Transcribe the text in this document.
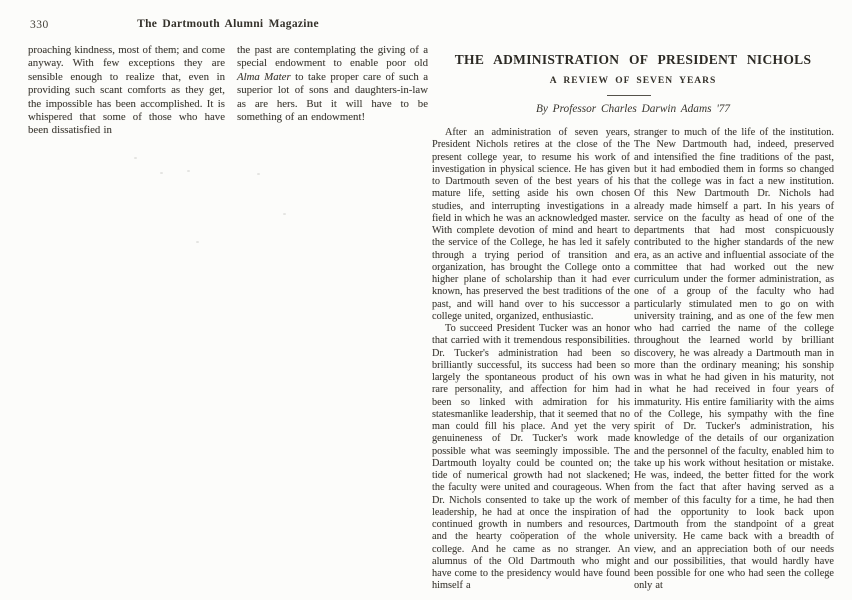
330	The Dartmouth Alumni Magazine
proaching kindness, most of them; and come anyway. With few exceptions they are sensible enough to realize that, even in providing such scant comforts as they get, the impossible has been accomplished. It is whispered that some of those who have been dissatisfied in
the past are contemplating the giving of a special endowment to enable poor old Alma Mater to take proper care of such a superior lot of sons and daughters-in-law as are hers. But it will have to be something of an endowment!
THE ADMINISTRATION OF PRESIDENT NICHOLS
A REVIEW OF SEVEN YEARS
By Professor Charles Darwin Adams '77
After an administration of seven years, President Nichols retires at the close of the present college year, to resume his work of investigation in physical science. He has given to Dartmouth seven of the best years of his mature life, setting aside his own chosen studies, and interrupting investigations in a field in which he was an acknowledged master. With complete devotion of mind and heart to the service of the College, he has led it safely through a trying period of transition and organization, has brought the College onto a higher plane of scholarship than it had ever known, has preserved the best traditions of the past, and will hand over to his successor a college united, organized, enthusiastic.
To succeed President Tucker was an honor that carried with it tremendous responsibilities. Dr. Tucker's administration had been so brilliantly successful, its success had been so largely the spontaneous product of his own rare personality, and affection for him had been so linked with admiration for his statesmanlike leadership, that it seemed that no man could fill his place. And yet the very genuineness of Dr. Tucker's work made possible what was seemingly impossible. The Dartmouth loyalty could be counted on; the tide of numerical growth had not slackened; the faculty were united and courageous. When Dr. Nichols consented to take up the work of leadership, he had at once the inspiration of continued growth in numbers and resources, and the hearty coöperation of the whole college. And he came as no stranger. An alumnus of the Old Dartmouth who might have come to the presidency would have found himself a
stranger to much of the life of the institution. The New Dartmouth had, indeed, preserved and intensified the fine traditions of the past, but it had embodied them in forms so changed that the college was in fact a new institution. Of this New Dartmouth Dr. Nichols had already made himself a part. In his years of service on the faculty as head of one of the departments that had most conspicuously contributed to the higher standards of the new era, as an active and influential associate of the committee that had worked out the new curriculum under the former administration, as one of a group of the faculty who had particularly stimulated men to go on with university training, and as one of the few men who had carried the name of the college throughout the learned world by brilliant discovery, he was already a Dartmouth man in more than the ordinary meaning; his sonship was in what he had given in his maturity, not in what he had received in four years of immaturity. His entire familiarity with the aims of the College, his sympathy with the fine spirit of Dr. Tucker's administration, his knowledge of the details of our organization and the personnel of the faculty, enabled him to take up his work without hesitation or mistake. He was, indeed, the better fitted for the work from the fact that after having served as a member of this faculty for a time, he had then had the opportunity to look back upon Dartmouth from the standpoint of a great university. He came back with a breadth of view, and an appreciation both of our needs and our possibilities, that would hardly have been possible for one who had seen the college only at
